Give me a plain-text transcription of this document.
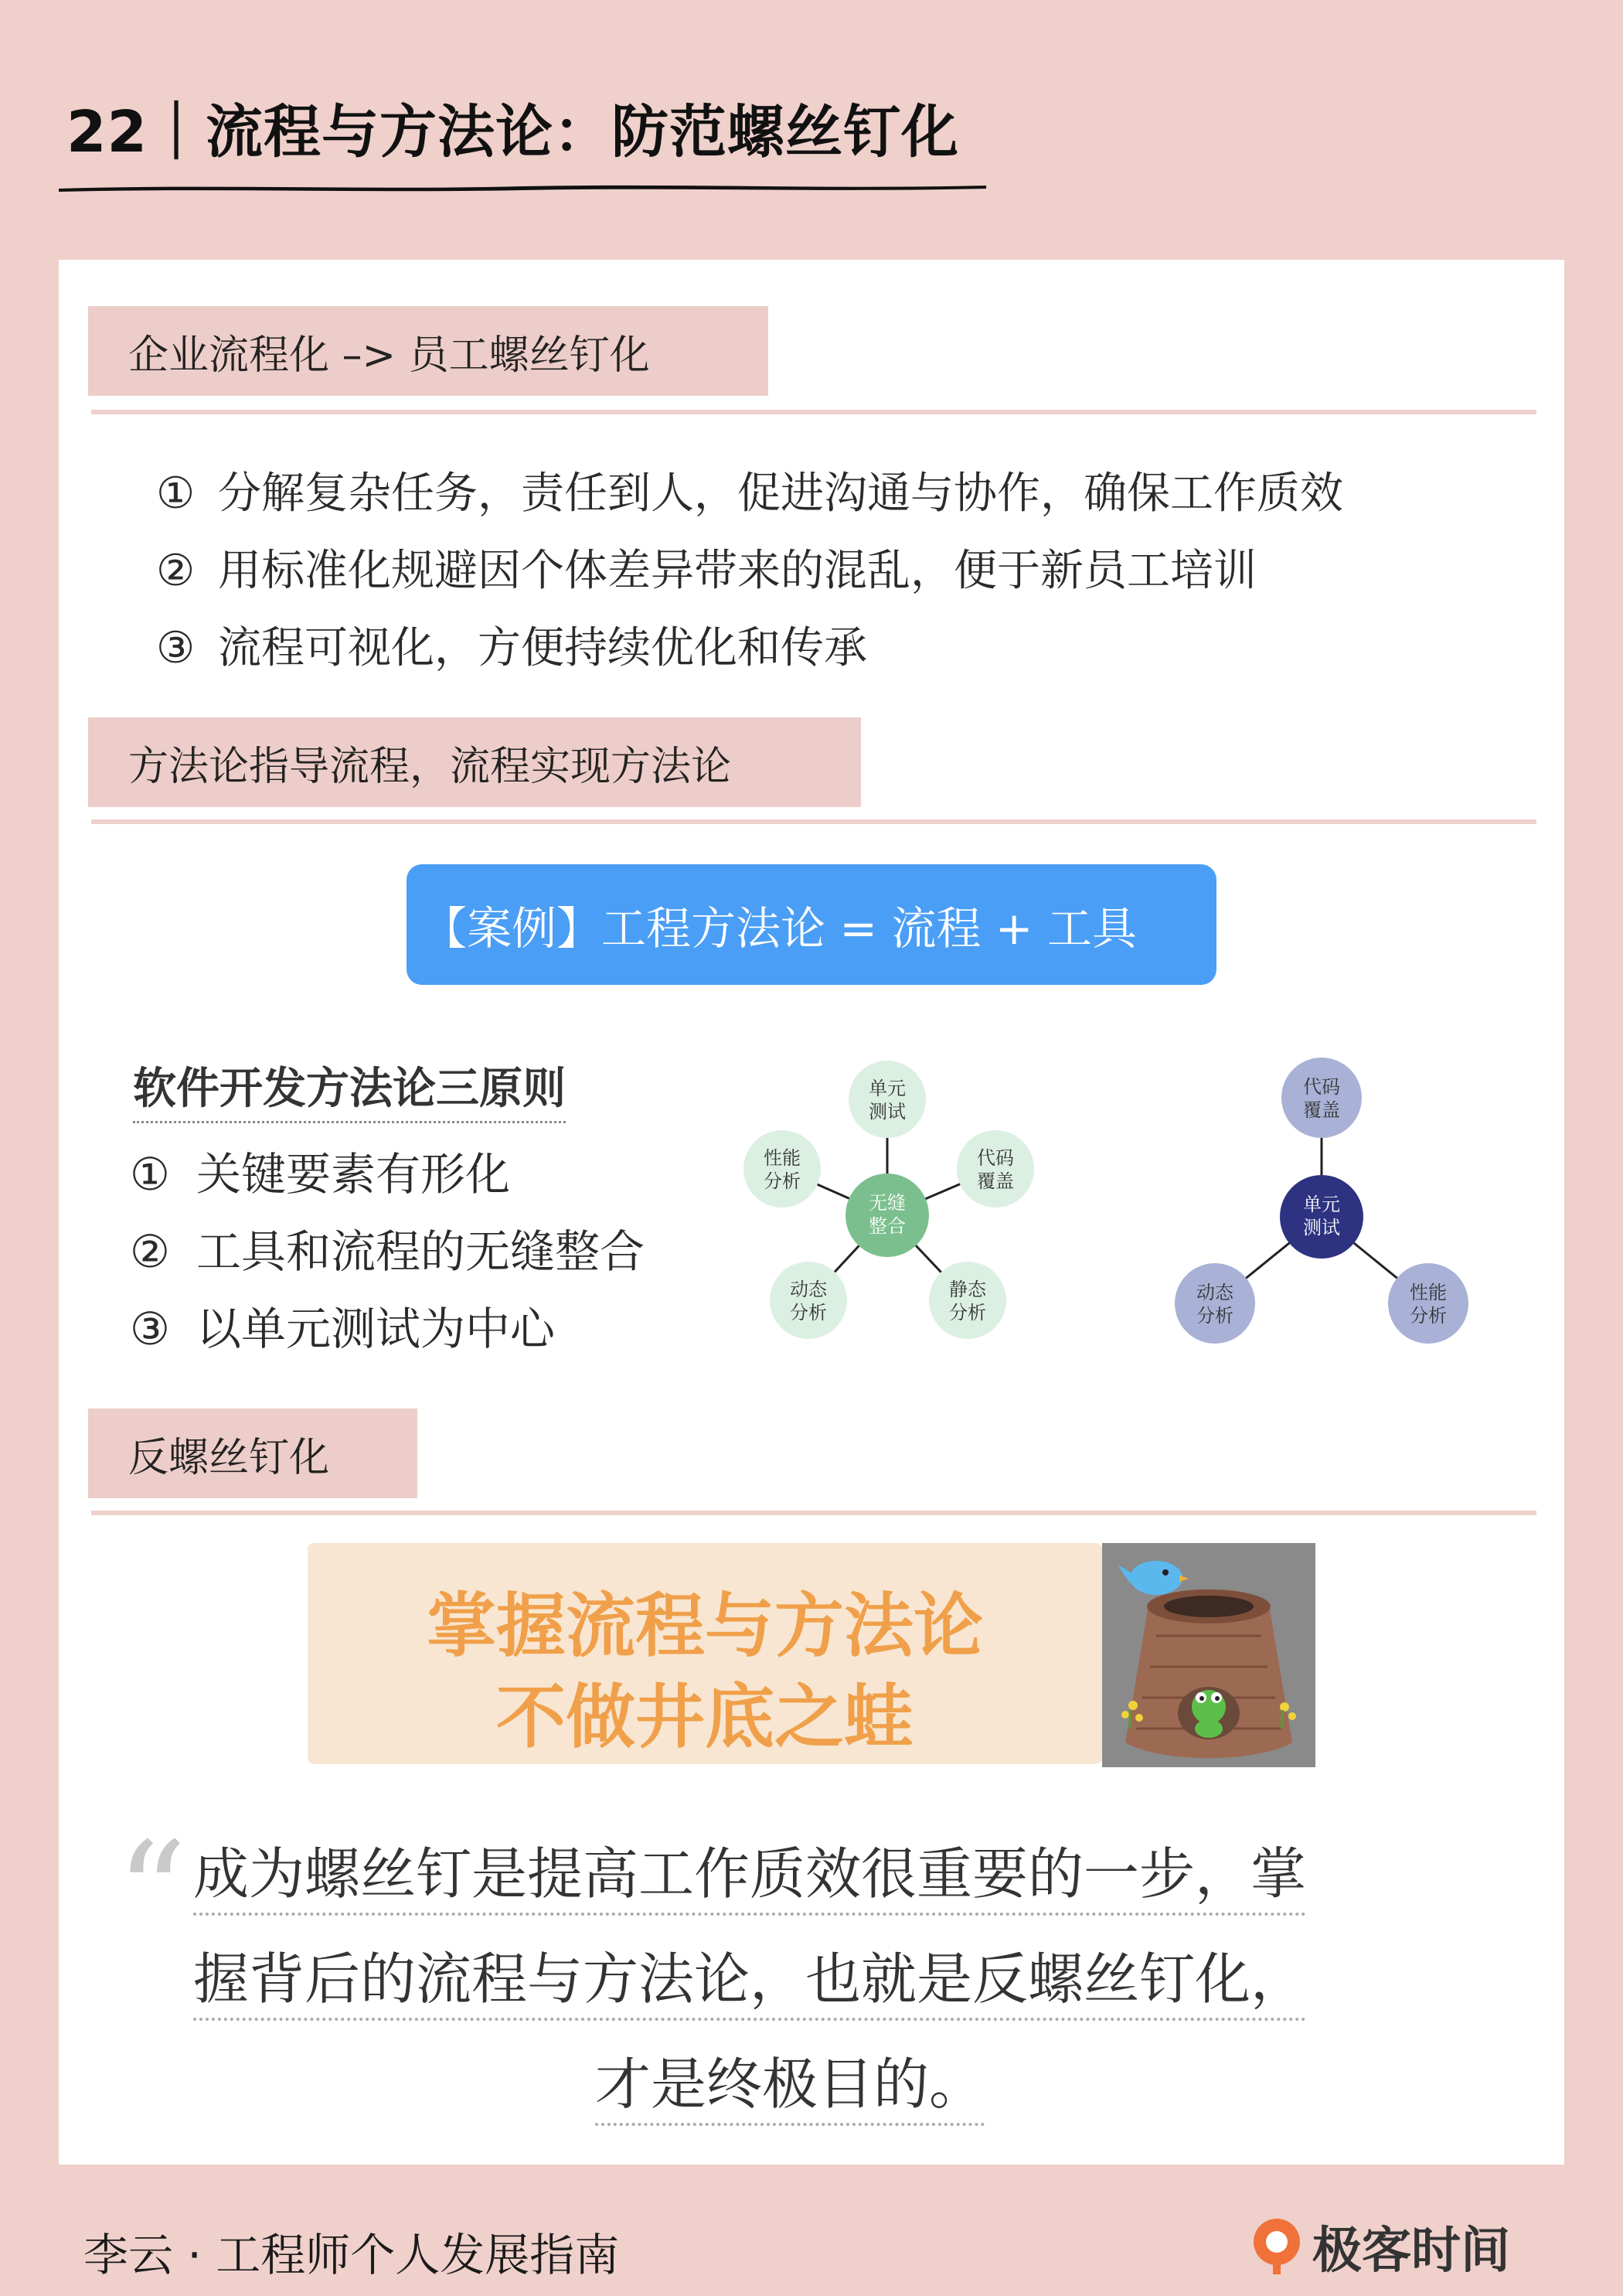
22｜流程与方法论：防范螺丝钉化
企业流程化 –> 员工螺丝钉化
① 分解复杂任务，责任到人，促进沟通与协作，确保工作质效
② 用标准化规避因个体差异带来的混乱，便于新员工培训
③ 流程可视化，方便持续优化和传承
方法论指导流程，流程实现方法论
【案例】工程方法论 = 流程 + 工具
软件开发方法论三原则
① 关键要素有形化
② 工具和流程的无缝整合
③ 以单元测试为中心
无缝
整合
单元
测试
代码
覆盖
静态
分析
动态
分析
性能
分析
单元
测试
代码
覆盖
性能
分析
动态
分析
反螺丝钉化
掌握流程与方法论
不做井底之蛙
“ 成为螺丝钉是提高工作质效很重要的一步，掌
握背后的流程与方法论，也就是反螺丝钉化，
才是终极目的。
李云 · 工程师个人发展指南	极客时间
